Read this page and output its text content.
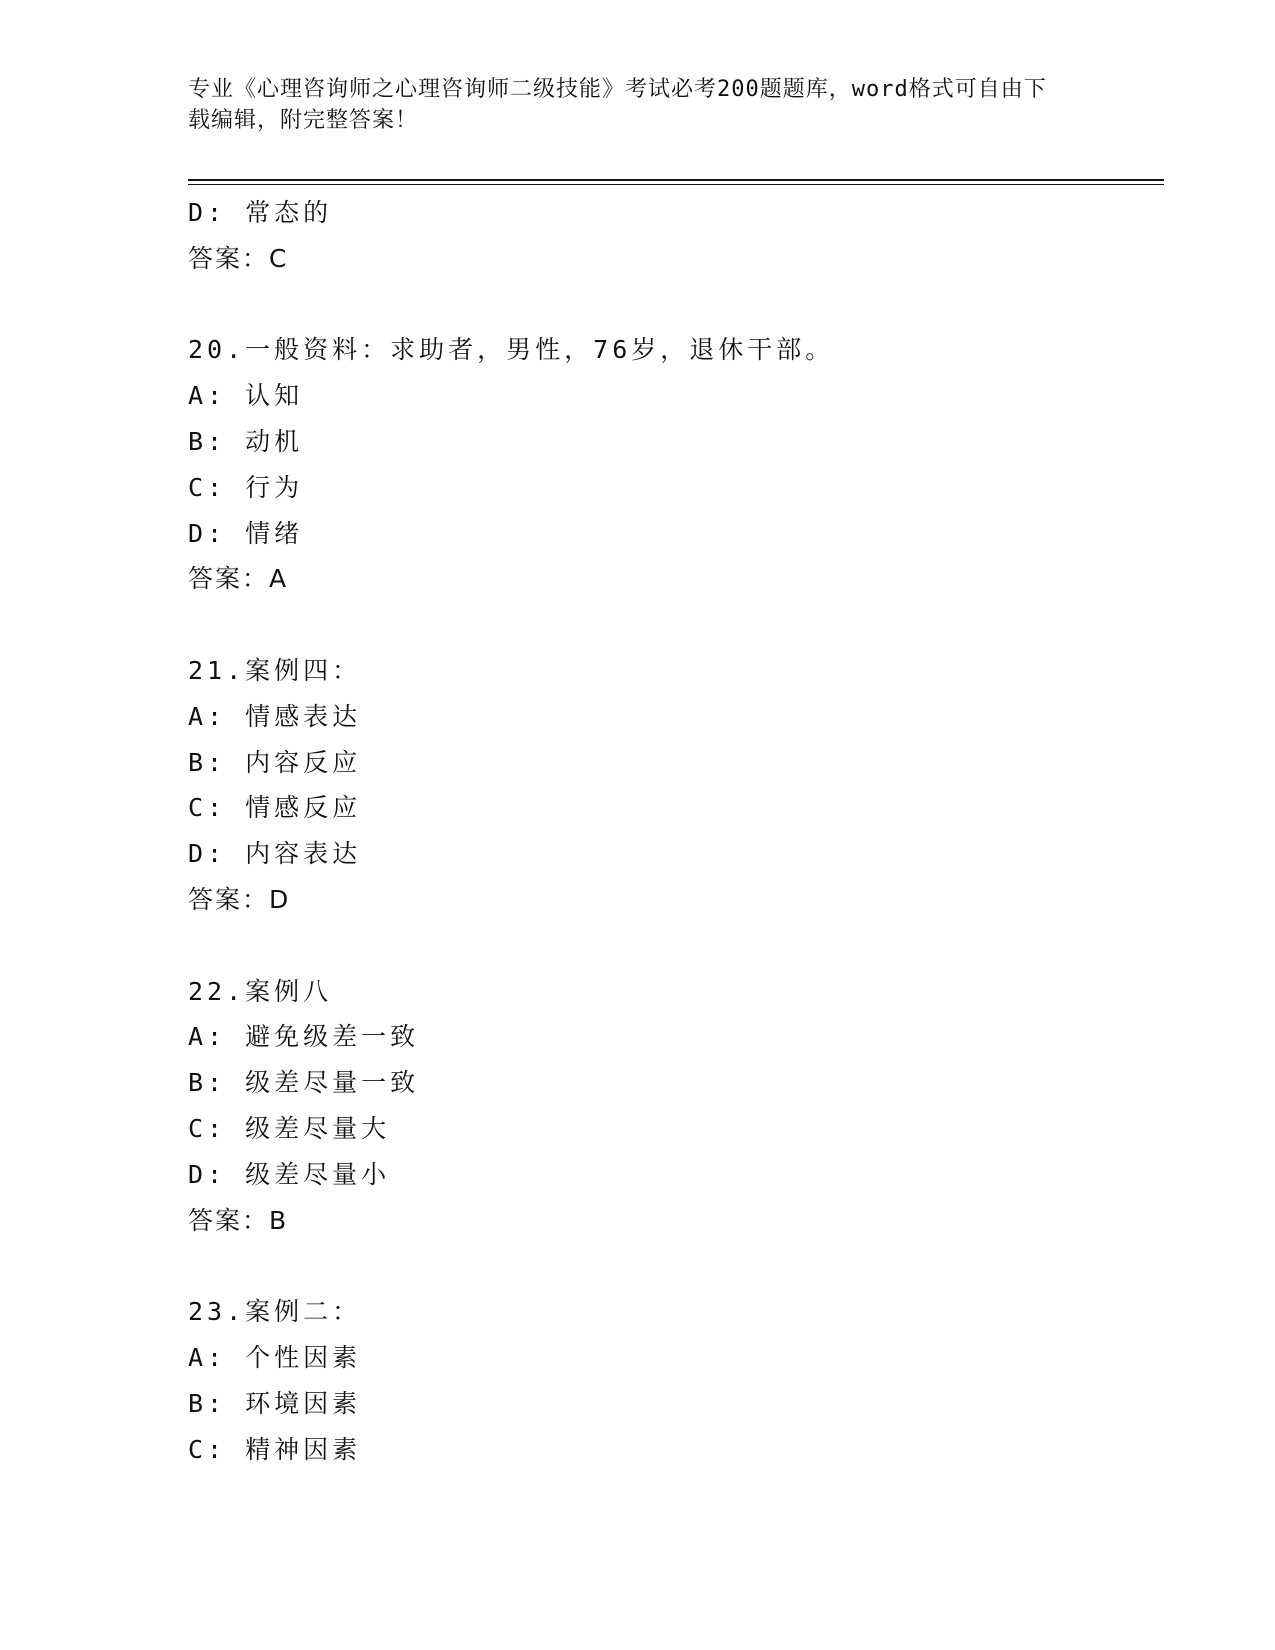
专业《心理咨询师之心理咨询师二级技能》考试必考200题题库，word格式可自由下载编辑，附完整答案！
D: 常态的
答案：C
20.一般资料：求助者，男性，76岁，退休干部。
A: 认知
B: 动机
C: 行为
D: 情绪
答案：A
21.案例四：
A: 情感表达
B: 内容反应
C: 情感反应
D: 内容表达
答案：D
22.案例八
A: 避免级差一致
B: 级差尽量一致
C: 级差尽量大
D: 级差尽量小
答案：B
23.案例二：
A: 个性因素
B: 环境因素
C: 精神因素
